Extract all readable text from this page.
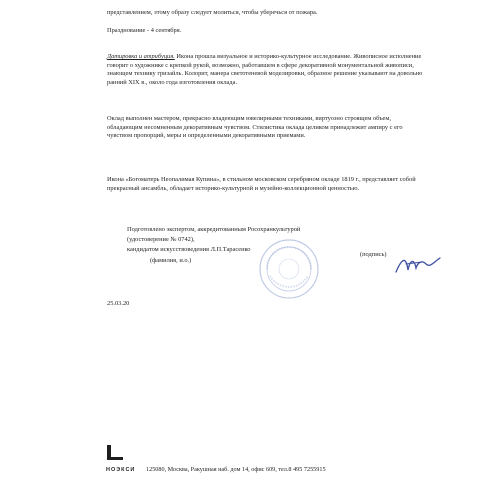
представлением, этому образу следует молиться, чтобы уберечься от пожара.

Празднование - 4 сентября.

Датировка и атрибуция. Икона прошла визуальное и историко-культурное исследование. Живописное исполнение говорит о художнике с крепкой рукой, возможно, работавшем в сфере декоративной монументальной живописи, знающем технику гризайль. Колорит, манера светотеневой моделировки, образное решение указывают на довольно ранний XIX в., около года изготовления оклада.

Оклад выполнен мастером, прекрасно владеющим ювелирными техниками, виртуозно строящем объем, обладающим несомненным декоративным чувством. Стилистика оклада целиком принадлежит ампиру с его чувством пропорций, меры и определенными декоративными приемами.

Икона «Богоматерь Неопалимая Купина», в стильном московском серебряном окладе 1819 г., представляет собой прекрасный ансамбль, обладает историко-культурной и музейно-коллекционной ценностью.

Подготовлено экспертом, аккредитованным Росохранкультурой
(удостоверение № 0742),
кандидатом искусствоведения Л.П.Тарасенко
(фамилия, и.о.)
(подпись)
25.03.20
НОЭКСИ 125080, Москва, Ракушная наб. дом 14, офис 609, тел.8 495 7255915
